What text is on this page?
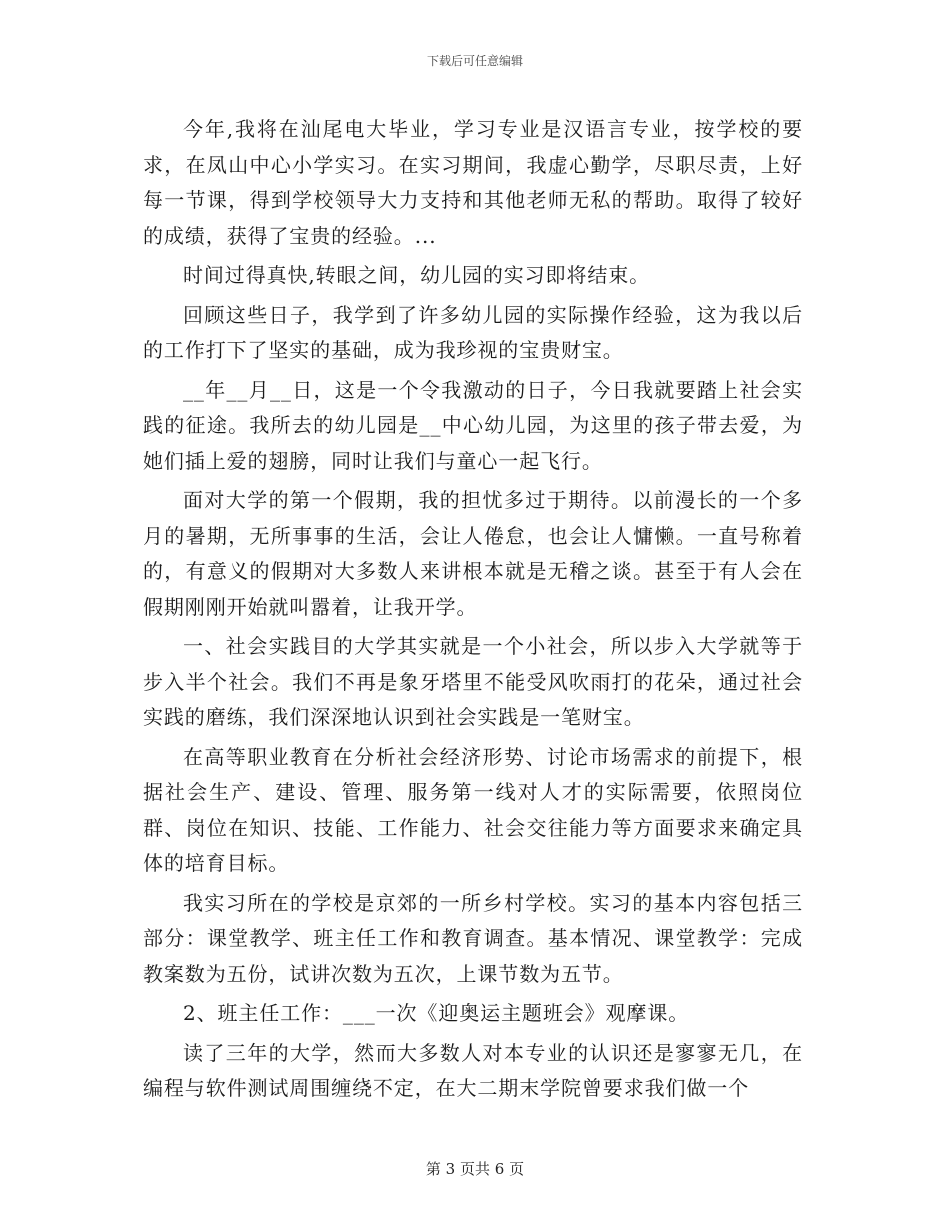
下载后可任意编辑

今年,我将在汕尾电大毕业，学习专业是汉语言专业，按学校的要求，在凤山中心小学实习。在实习期间，我虚心勤学，尽职尽责，上好每一节课，得到学校领导大力支持和其他老师无私的帮助。取得了较好的成绩，获得了宝贵的经验。...

时间过得真快,转眼之间，幼儿园的实习即将结束。

回顾这些日子，我学到了许多幼儿园的实际操作经验，这为我以后的工作打下了坚实的基础，成为我珍视的宝贵财宝。

__年__月__日，这是一个令我激动的日子，今日我就要踏上社会实践的征途。我所去的幼儿园是__中心幼儿园，为这里的孩子带去爱，为她们插上爱的翅膀，同时让我们与童心一起飞行。

面对大学的第一个假期，我的担忧多过于期待。以前漫长的一个多月的暑期，无所事事的生活，会让人倦怠，也会让人慵懒。一直号称着的，有意义的假期对大多数人来讲根本就是无稽之谈。甚至于有人会在假期刚刚开始就叫嚣着，让我开学。

一、社会实践目的大学其实就是一个小社会，所以步入大学就等于步入半个社会。我们不再是象牙塔里不能受风吹雨打的花朵，通过社会实践的磨练，我们深深地认识到社会实践是一笔财宝。

在高等职业教育在分析社会经济形势、讨论市场需求的前提下，根据社会生产、建设、管理、服务第一线对人才的实际需要，依照岗位群、岗位在知识、技能、工作能力、社会交往能力等方面要求来确定具体的培育目标。

我实习所在的学校是京郊的一所乡村学校。实习的基本内容包括三部分：课堂教学、班主任工作和教育调查。基本情况、课堂教学：完成教案数为五份，试讲次数为五次，上课节数为五节。

2、班主任工作：___一次《迎奥运主题班会》观摩课。

读了三年的大学，然而大多数人对本专业的认识还是寥寥无几，在编程与软件测试周围缠绕不定，在大二期末学院曾要求我们做一个

第 3 页共 6 页
